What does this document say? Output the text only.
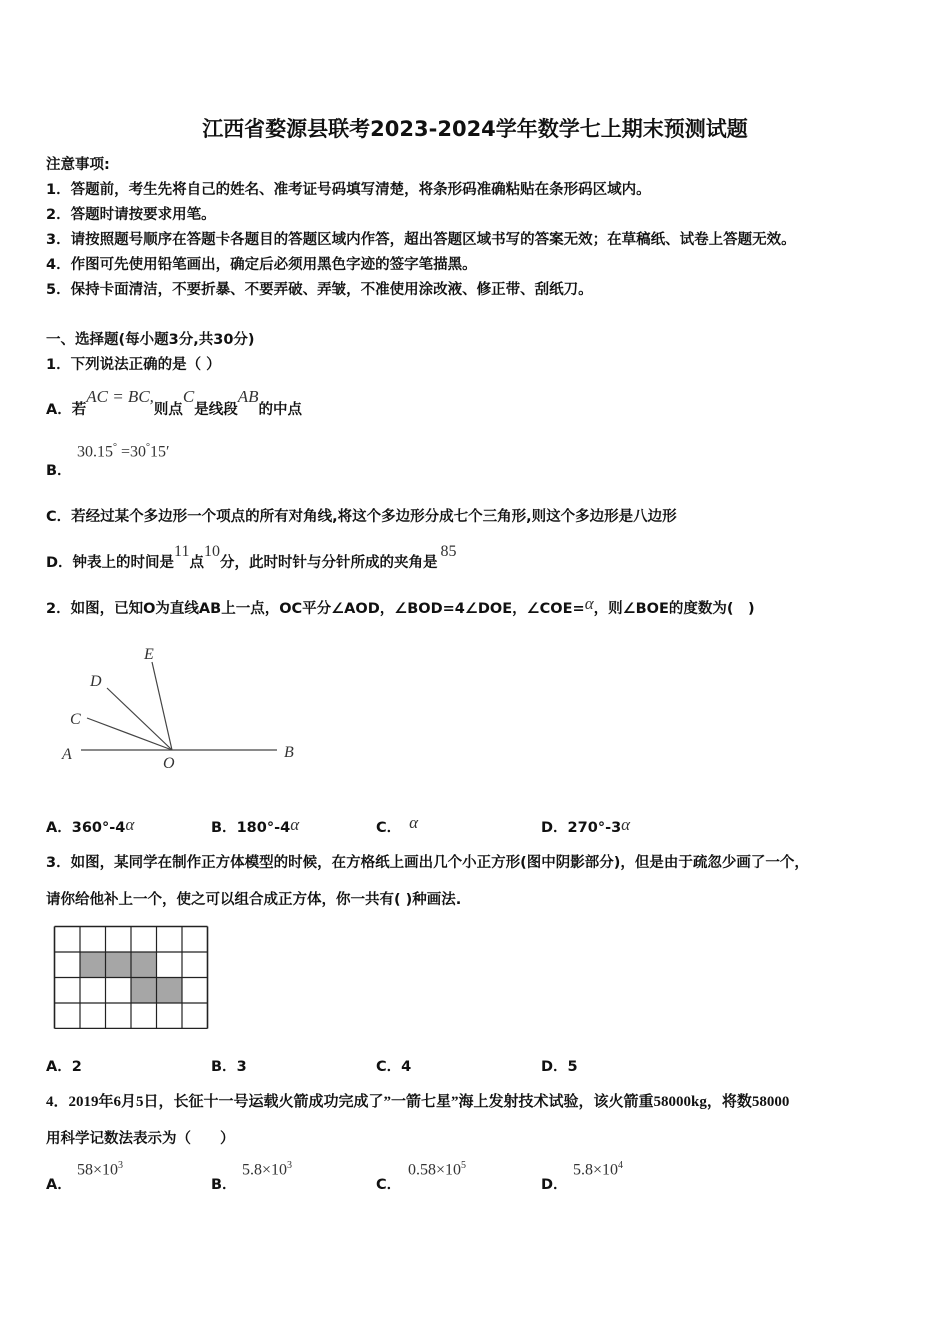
江西省婺源县联考2023-2024学年数学七上期末预测试题
注意事项:
1．答题前，考生先将自己的姓名、准考证号码填写清楚，将条形码准确粘贴在条形码区域内。
2．答题时请按要求用笔。
3．请按照题号顺序在答题卡各题目的答题区域内作答，超出答题区域书写的答案无效；在草稿纸、试卷上答题无效。
4．作图可先使用铅笔画出，确定后必须用黑色字迹的签字笔描黑。
5．保持卡面清洁，不要折暴、不要弄破、弄皱，不准使用涂改液、修正带、刮纸刀。
一、选择题(每小题3分,共30分)
1．下列说法正确的是（ ）
A．若AC = BC,则点C是线段AB的中点
B．
30.15° =30°15′
C．若经过某个多边形一个项点的所有对角线,将这个多边形分成七个三角形,则这个多边形是八边形
D．钟表上的时间是11点10分，此时时针与分针所成的夹角是85
2．如图，已知O为直线AB上一点，OC平分∠AOD，∠BOD=4∠DOE，∠COE=α，则∠BOE的度数为(　)
E
D
C
A
O
B
A．360°-4α	B．180°-4α	C． α	D．270°-3α
3．如图，某同学在制作正方体模型的时候，在方格纸上画出几个小正方形(图中阴影部分)，但是由于疏忽少画了一个，
请你给他补上一个，使之可以组合成正方体，你一共有( )种画法.
A．2	B．3	C．4	D．5
4．2019年6月5日，长征十一号运载火箭成功完成了”一箭七星”海上发射技术试验，该火箭重58000kg，将数58000
用科学记数法表示为（　　）
A．
$58\times 10^3$
B．
$5.8\times 10^3$
C．
$0.58\times 10^5$
D．
$5.8\times 10^4$
